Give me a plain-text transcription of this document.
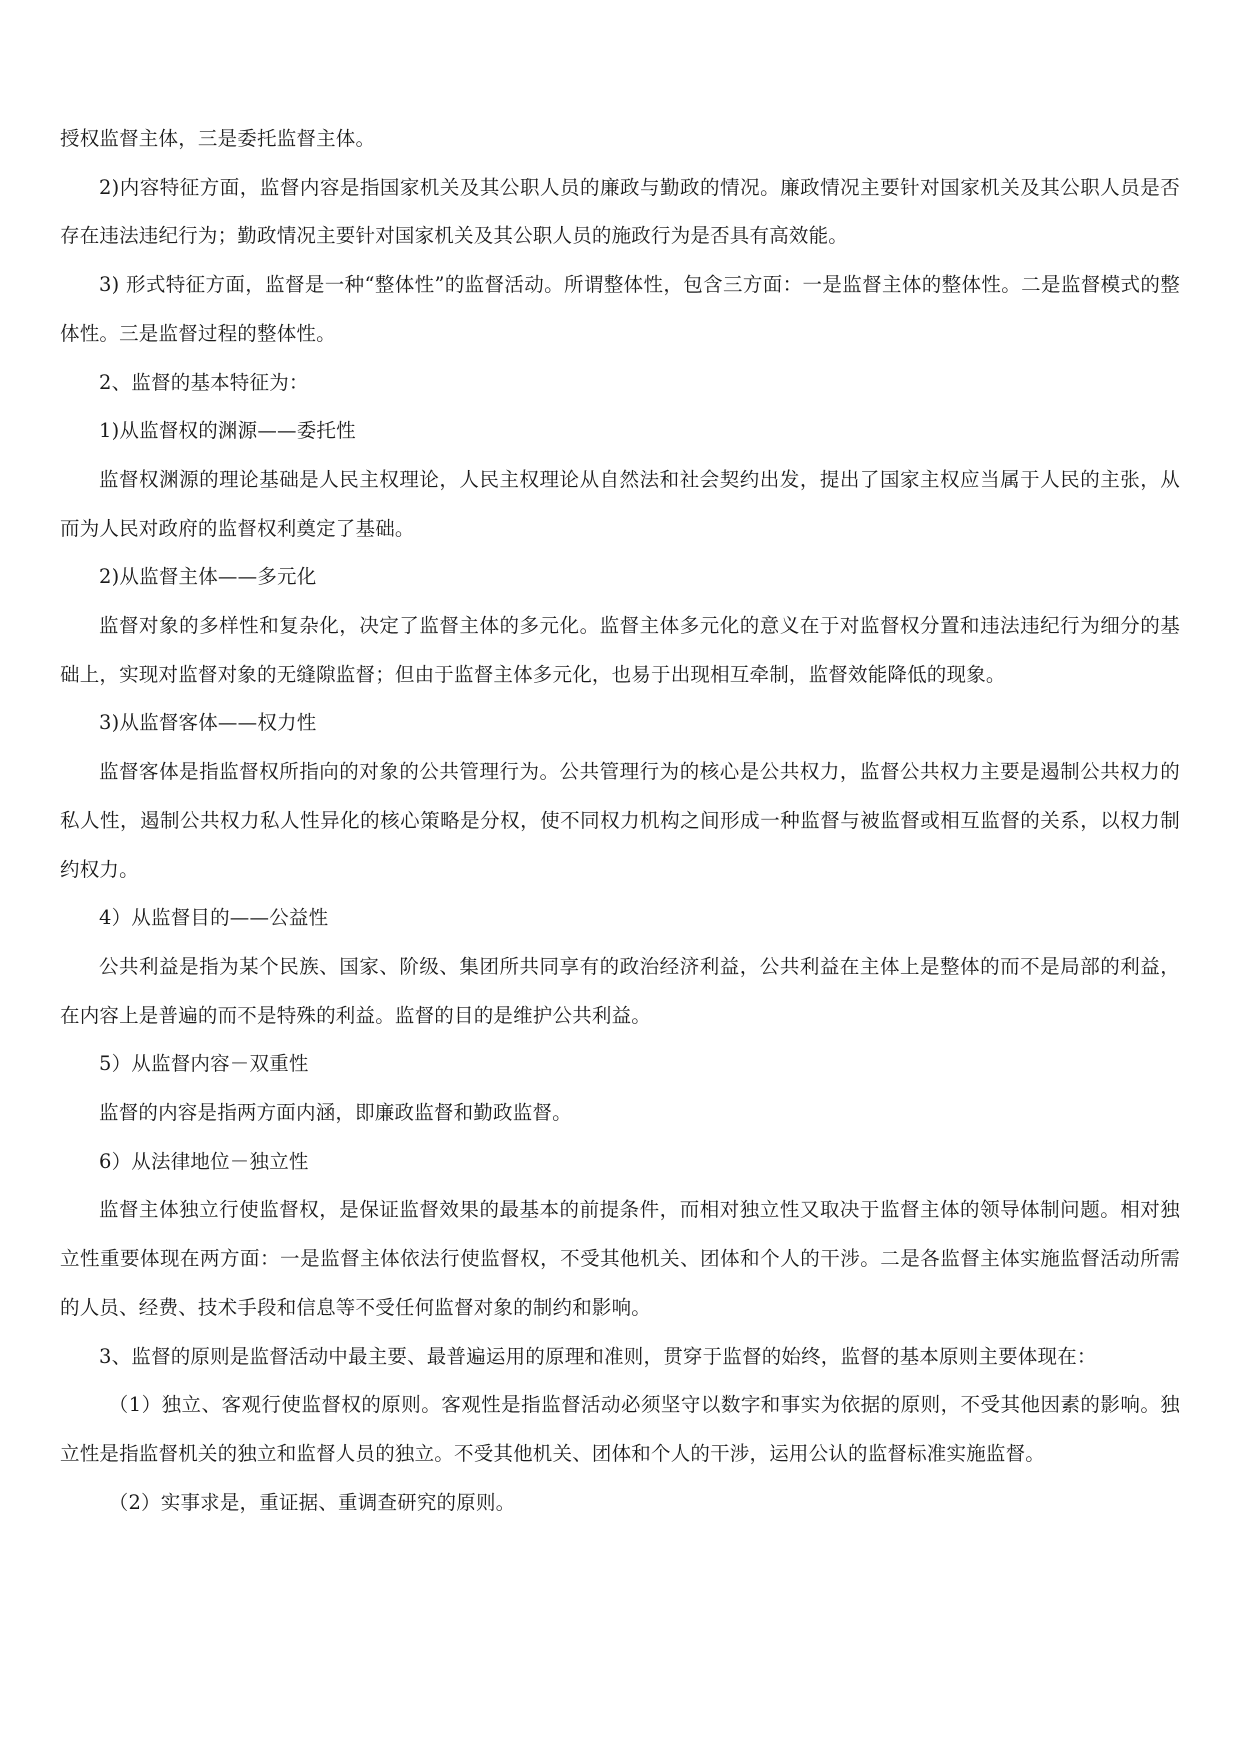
授权监督主体，三是委托监督主体。

2)内容特征方面，监督内容是指国家机关及其公职人员的廉政与勤政的情况。廉政情况主要针对国家机关及其公职人员是否存在违法违纪行为；勤政情况主要针对国家机关及其公职人员的施政行为是否具有高效能。

3) 形式特征方面，监督是一种“整体性”的监督活动。所谓整体性，包含三方面：一是监督主体的整体性。二是监督模式的整体性。三是监督过程的整体性。

2、监督的基本特征为：

1)从监督权的渊源——委托性

监督权渊源的理论基础是人民主权理论，人民主权理论从自然法和社会契约出发，提出了国家主权应当属于人民的主张，从而为人民对政府的监督权利奠定了基础。

2)从监督主体——多元化

监督对象的多样性和复杂化，决定了监督主体的多元化。监督主体多元化的意义在于对监督权分置和违法违纪行为细分的基础上，实现对监督对象的无缝隙监督；但由于监督主体多元化，也易于出现相互牵制，监督效能降低的现象。

3)从监督客体——权力性

监督客体是指监督权所指向的对象的公共管理行为。公共管理行为的核心是公共权力，监督公共权力主要是遏制公共权力的私人性，遏制公共权力私人性异化的核心策略是分权，使不同权力机构之间形成一种监督与被监督或相互监督的关系，以权力制约权力。

4）从监督目的——公益性

公共利益是指为某个民族、国家、阶级、集团所共同享有的政治经济利益，公共利益在主体上是整体的而不是局部的利益，在内容上是普遍的而不是特殊的利益。监督的目的是维护公共利益。

5）从监督内容－双重性

监督的内容是指两方面内涵，即廉政监督和勤政监督。

6）从法律地位－独立性

监督主体独立行使监督权，是保证监督效果的最基本的前提条件，而相对独立性又取决于监督主体的领导体制问题。相对独立性重要体现在两方面：一是监督主体依法行使监督权，不受其他机关、团体和个人的干涉。二是各监督主体实施监督活动所需的人员、经费、技术手段和信息等不受任何监督对象的制约和影响。

3、监督的原则是监督活动中最主要、最普遍运用的原理和准则，贯穿于监督的始终，监督的基本原则主要体现在：

（1）独立、客观行使监督权的原则。客观性是指监督活动必须坚守以数字和事实为依据的原则，不受其他因素的影响。独立性是指监督机关的独立和监督人员的独立。不受其他机关、团体和个人的干涉，运用公认的监督标准实施监督。

（2）实事求是，重证据、重调查研究的原则。
